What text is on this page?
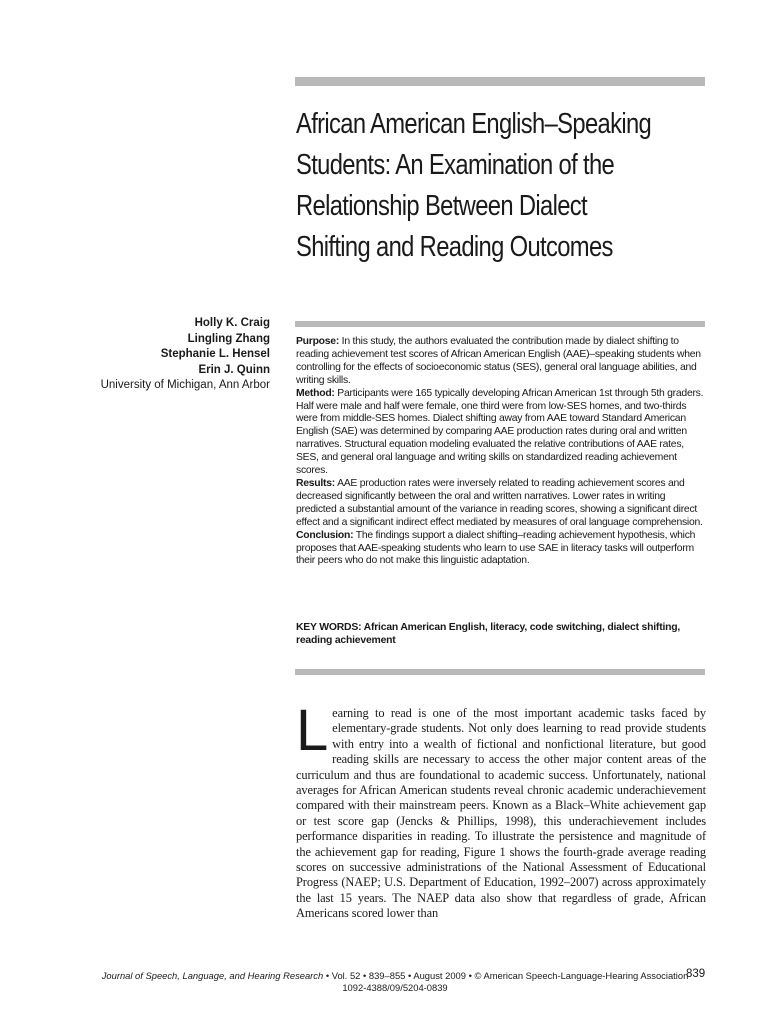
African American English–Speaking
Students: An Examination of the
Relationship Between Dialect
Shifting and Reading Outcomes
Holly K. Craig
Lingling Zhang
Stephanie L. Hensel
Erin J. Quinn
University of Michigan, Ann Arbor

Purpose: In this study, the authors evaluated the contribution made by dialect shifting to reading achievement test scores of African American English (AAE)–speaking students when controlling for the effects of socioeconomic status (SES), general oral language abilities, and writing skills.

Method: Participants were 165 typically developing African American 1st through 5th graders. Half were male and half were female, one third were from low-SES homes, and two-thirds were from middle-SES homes. Dialect shifting away from AAE toward Standard American English (SAE) was determined by comparing AAE production rates during oral and written narratives. Structural equation modeling evaluated the relative contributions of AAE rates, SES, and general oral language and writing skills on standardized reading achievement scores.

Results: AAE production rates were inversely related to reading achievement scores and decreased significantly between the oral and written narratives. Lower rates in writing predicted a substantial amount of the variance in reading scores, showing a significant direct effect and a significant indirect effect mediated by measures of oral language comprehension.

Conclusion: The findings support a dialect shifting–reading achievement hypothesis, which proposes that AAE-speaking students who learn to use SAE in literacy tasks will outperform their peers who do not make this linguistic adaptation.

KEY WORDS: African American English, literacy, code switching, dialect shifting, reading achievement
L earning to read is one of the most important academic tasks faced by elementary-grade students. Not only does learning to read provide students with entry into a wealth of fictional and nonfictional literature, but good reading skills are necessary to access the other major content areas of the curriculum and thus are foundational to academic success. Unfortunately, national averages for African American students reveal chronic academic underachievement compared with their mainstream peers. Known as a Black–White achievement gap or test score gap (Jencks & Phillips, 1998), this underachievement includes performance disparities in reading. To illustrate the persistence and magnitude of the achievement gap for reading, Figure 1 shows the fourth-grade average reading scores on successive administrations of the National Assessment of Educational Progress (NAEP; U.S. Department of Education, 1992–2007) across approximately the last 15 years. The NAEP data also show that regardless of grade, African Americans scored lower than

Journal of Speech, Language, and Hearing Research • Vol. 52 • 839–855 • August 2009 • © American Speech-Language-Hearing Association
1092-4388/09/5204-0839
839
